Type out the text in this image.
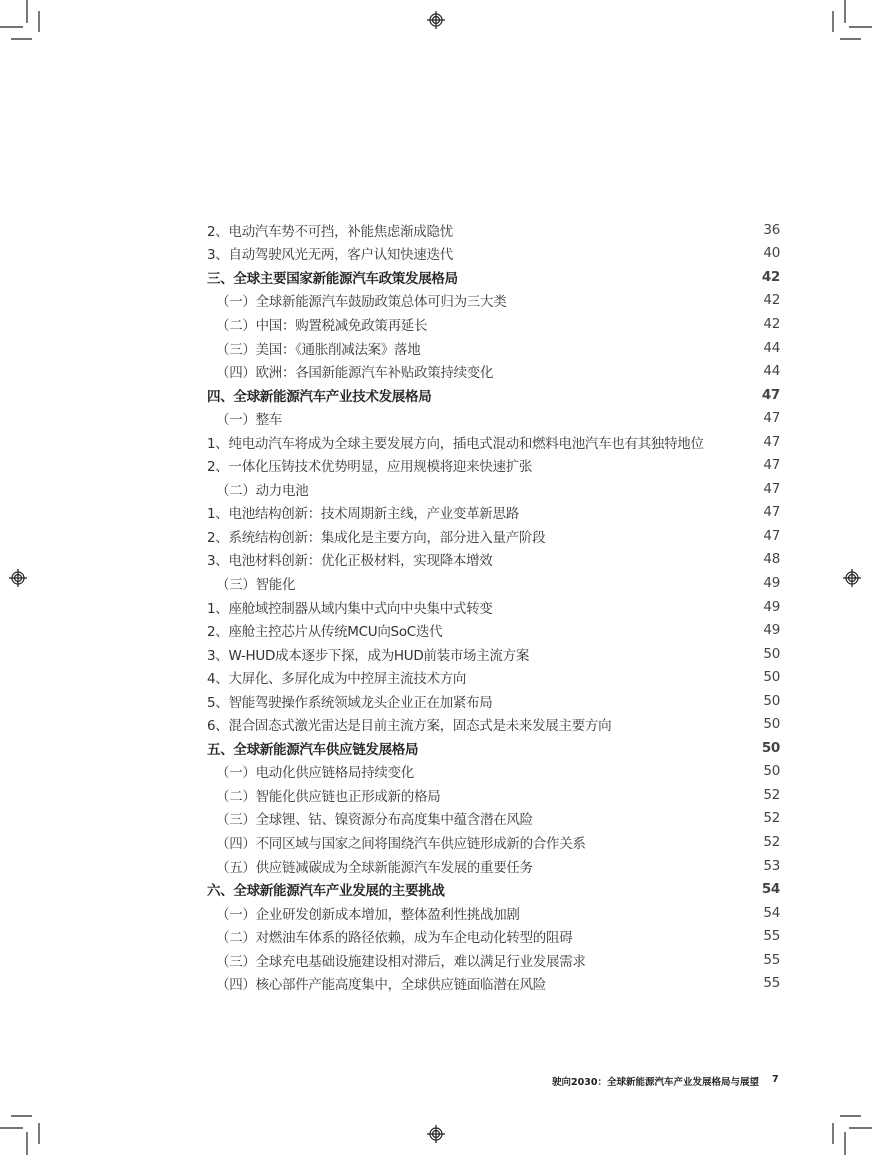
2、电动汽车势不可挡，补能焦虑渐成隐忧	36
3、自动驾驶风光无两，客户认知快速迭代	40
三、全球主要国家新能源汽车政策发展格局	42
（一）全球新能源汽车鼓励政策总体可归为三大类	42
（二）中国：购置税减免政策再延长	42
（三）美国：《通胀削减法案》落地	44
（四）欧洲：各国新能源汽车补贴政策持续变化	44
四、全球新能源汽车产业技术发展格局	47
（一）整车	47
1、纯电动汽车将成为全球主要发展方向，插电式混动和燃料电池汽车也有其独特地位	47
2、一体化压铸技术优势明显，应用规模将迎来快速扩张	47
（二）动力电池	47
1、电池结构创新：技术周期新主线，产业变革新思路	47
2、系统结构创新：集成化是主要方向，部分进入量产阶段	47
3、电池材料创新：优化正极材料，实现降本增效	48
（三）智能化	49
1、座舱域控制器从域内集中式向中央集中式转变	49
2、座舱主控芯片从传统MCU向SoC迭代	49
3、W-HUD成本逐步下探，成为HUD前装市场主流方案	50
4、大屏化、多屏化成为中控屏主流技术方向	50
5、智能驾驶操作系统领域龙头企业正在加紧布局	50
6、混合固态式激光雷达是目前主流方案，固态式是未来发展主要方向	50
五、全球新能源汽车供应链发展格局	50
（一）电动化供应链格局持续变化	50
（二）智能化供应链也正形成新的格局	52
（三）全球锂、钴、镍资源分布高度集中蕴含潜在风险	52
（四）不同区域与国家之间将围绕汽车供应链形成新的合作关系	52
（五）供应链减碳成为全球新能源汽车发展的重要任务	53
六、全球新能源汽车产业发展的主要挑战	54
（一）企业研发创新成本增加，整体盈利性挑战加剧	54
（二）对燃油车体系的路径依赖，成为车企电动化转型的阻碍	55
（三）全球充电基础设施建设相对滞后，难以满足行业发展需求	55
（四）核心部件产能高度集中，全球供应链面临潜在风险	55
驶向2030：全球新能源汽车产业发展格局与展望 7
